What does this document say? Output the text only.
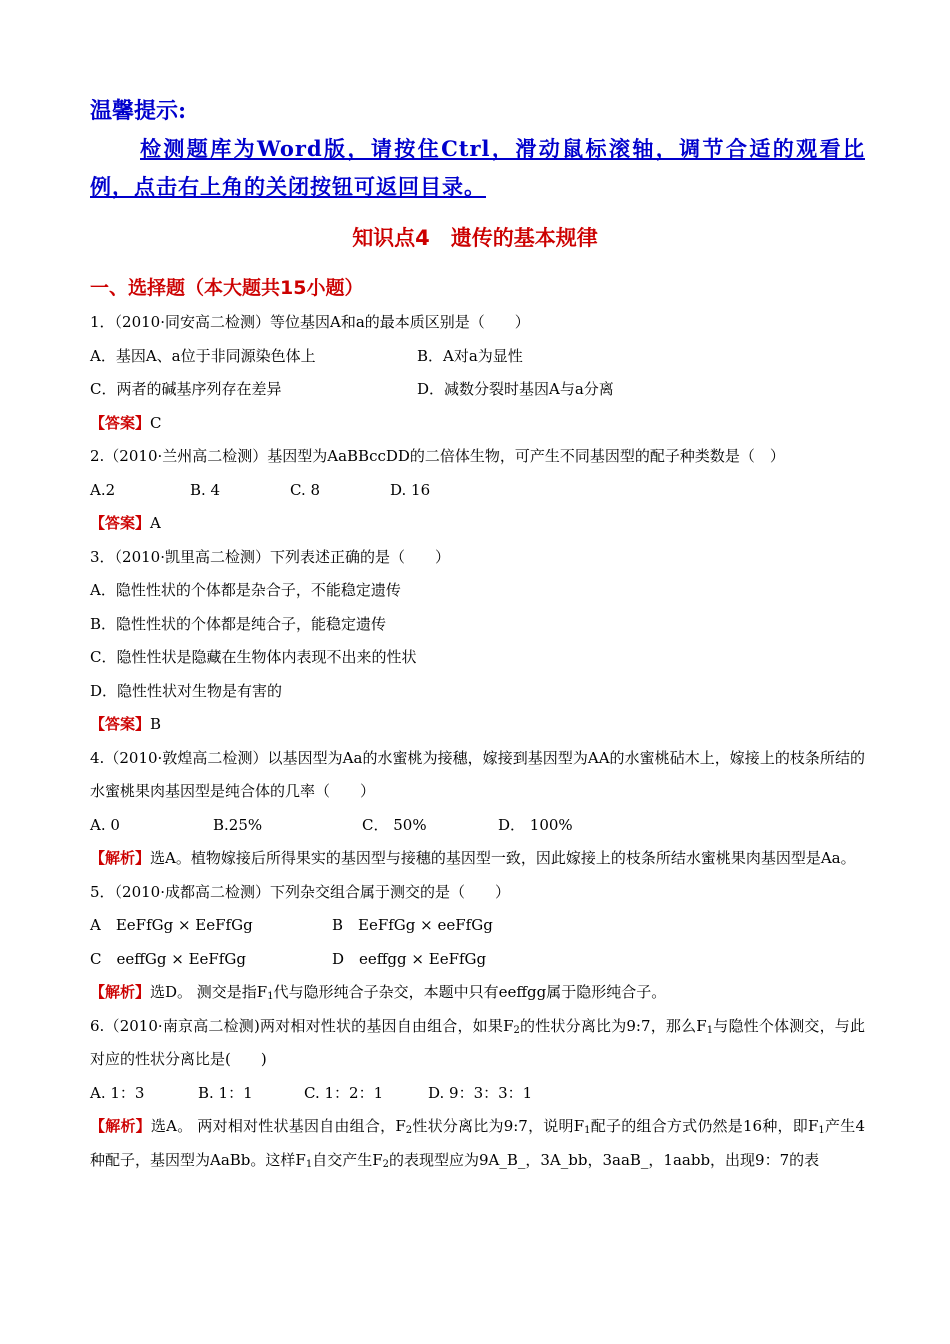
温馨提示:
检测题库为Word版，请按住Ctrl，滑动鼠标滚轴，调节合适的观看比例，点击右上角的关闭按钮可返回目录。
知识点4　遗传的基本规律
一、选择题（本大题共15小题）
1．（2010·同安高二检测）等位基因A和a的最本质区别是（　　）
A．基因A、a位于非同源染色体上	B．A对a为显性
C．两者的碱基序列存在差异	D．减数分裂时基因A与a分离
【答案】C
2.（2010·兰州高二检测）基因型为AaBBccDD的二倍体生物，可产生不同基因型的配子种类数是（　）
A.2	B. 4	C. 8	D. 16
【答案】A
3．（2010·凯里高二检测）下列表述正确的是（　　）
A．隐性性状的个体都是杂合子，不能稳定遗传
B．隐性性状的个体都是纯合子，能稳定遗传
C．隐性性状是隐藏在生物体内表现不出来的性状
D．隐性性状对生物是有害的
【答案】B
4.（2010·敦煌高二检测）以基因型为Aa的水蜜桃为接穗，嫁接到基因型为AA的水蜜桃砧木上，嫁接上的枝条所结的水蜜桃果肉基因型是纯合体的几率（　　）
A. 0	B.25%	C． 50%	D． 100%
【解析】选A。植物嫁接后所得果实的基因型与接穗的基因型一致，因此嫁接上的枝条所结水蜜桃果肉基因型是Aa。
5．（2010·成都高二检测）下列杂交组合属于测交的是（　　）
A　EeFfGg × EeFfGg	B　EeFfGg × eeFfGg
C　eeffGg × EeFfGg	D　eeffgg × EeFfGg
【解析】选D。 测交是指$F_1$代与隐形纯合子杂交，本题中只有eeffgg属于隐形纯合子。
6.（2010·南京高二检测)两对相对性状的基因自由组合，如果$F_2$的性状分离比为9:7，那么$F_1$与隐性个体测交，与此对应的性状分离比是(　　)
A. 1：3	B. 1：1	C. 1：2：1	D. 9：3：3：1
【解析】选A。 两对相对性状基因自由组合，$F_2$性状分离比为9:7，说明$F_1$配子的组合方式仍然是16种，即$F_1$产生4种配子，基因型为AaBb。这样$F_1$自交产生$F_2$的表现型应为9A_B_，3A_bb，3aaB_，1aabb，出现9：7的表
